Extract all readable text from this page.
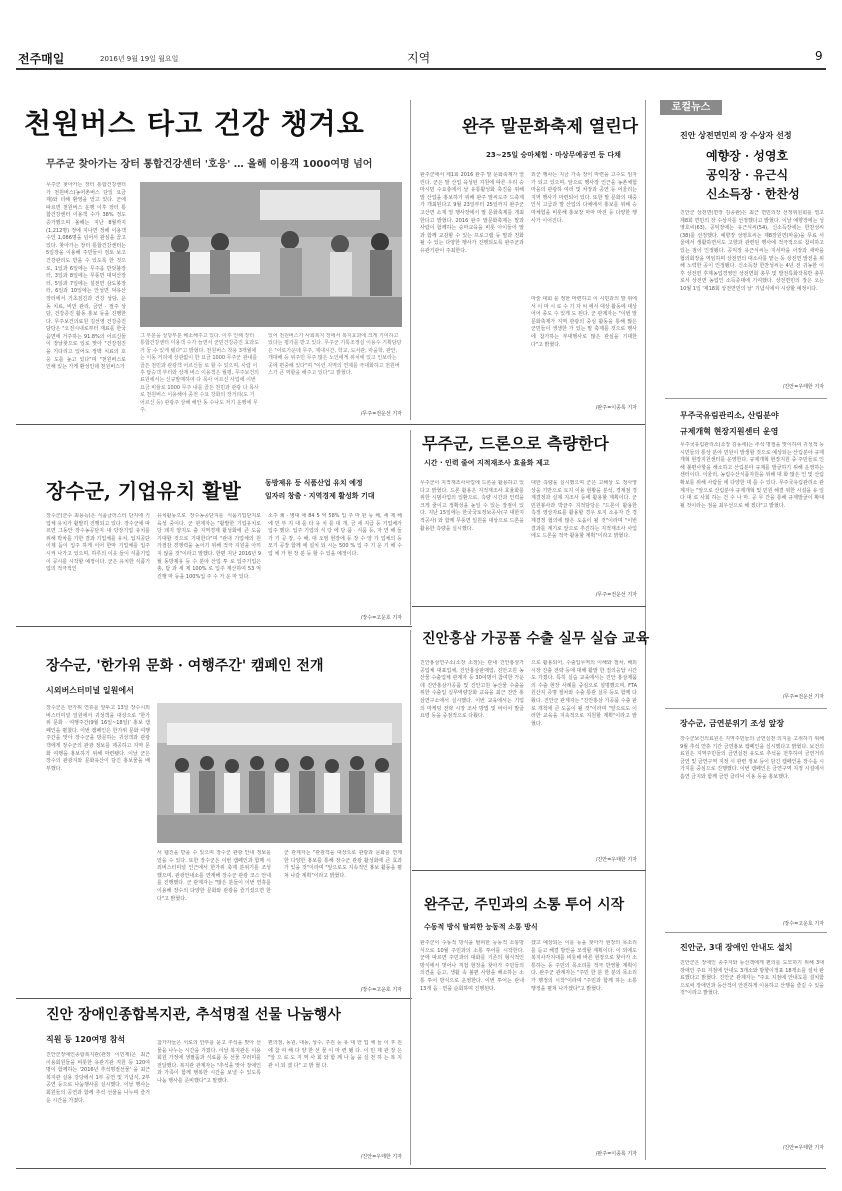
전주매일	2016년 9월 19일 월요일	지역	9
천원버스 타고 건강 챙겨요
무주군 찾아가는 장터 통합건강센터 '호응' … 올해 이용객 1000여명 넘어
무주군 찾아가는 장터 통합건강센터가 천원버스(농어촌버스 단일 요금제)와 더해 환영을 얻고 있다. 군에 따르면 천원버스 운행 이후 장터 통합건강센터 이용객 수가 38% 정도 증가했으며 올해는 지난 8월까지 (1,212명) 정에 지나면 정해 이용객 수인 1,086명을 넘어서 관심을 끌고 있다. 찾아가는 장터 통합건강센터는 5일장을 이용해 주민들이 검토 보고 건강관리도 받을 수 있도록 한 것으로, 1일과 6일에는 무주읍 반딧불장터, 3일과 8일에는 무풍면 대덕산장터, 5일과 7일에는 설천면 삼도봉장터, 6일과 10일에는 안성면 덕유산장터에서 기초검진과 건강 상담, 운동 치료, 비만 관리, 금연 · 절주 상담, 건강증진 활동 홍보 등을 진행한다. 무주보건의료원 김선영 건강증진 담당은 "오전시내로부터 재료를 한국 음면에 거주하는 91.8%의 어르신들이 장날찾으로 일로 맞아 "건강검진을 기다리고 있어도 정맥 치료의 호응 도를 높고 있다"며 "천원버스로 인해 있는 가게 환성인데 천원버스가
그 부분을 상당부분 해소해주고 있다. 이후 인해 장터 통합건강센터 이용객 수가 늘면서 군민건강증진 효과도 거 둘 수 있게 됐다"고 밝혔다. 천원버스 착용 3개월에는 이동 거리에 상관없이 한 요금 1000 무주군 관내를 골든 천민과 관광객 어르신들 로 할 수 있으며, 사람 이후 탑승객 부터와 상계 버스 이용객은 월평, 무주보건의료원에서는 신규발매하여 다 목사 어르신 사업에 이번 요금 비율로 1000 무주 내를 골든 천민과 관광 다 목사로 천원버스 이용해야 종전 수요 강화의 장거리(도 기 어르신 등) 관광주 상해 해안 동 수나도 저기 운행에 무주.
있어 천원버스가 사회복지 장에서 복지효과에 크게 기여하고 있다는 평가를 받고 있다. 무주군 기록조정실 이용수 기획담당은 "이로가운데 무주, 제대시간, 학교, 도서관, 마을학, 관안, 개대해 등 위주민 무주 많은 노인에게 위치에 있고 인보라는 곳에 편중해 있다"며 "이런 지역의 연계를 극대화하고 천원버스가 큰 역할을 해주고 있다"고 밝혔다.
/무주=전운선 기자
완주 말문화축제 열린다
23~25일 승마체험 · 마상무예공연 등 다채
완주군에서 제1회 2016 완주 말 문화축제가 열린다. 군은 말 산업 육성된 지원에 따른 우리 승마시민 수요충에서 날 유통활성화 축진을 위해 말 산업을 홍보하기 위해 완주 말씨도주 드축제가 개최된다고 9월 23일부터 25일까지 완주군 고산면 소재 열 행사장에서 말 문화축제를 개최한다고 밝혔다. 2016 완주 말문화축제는 말과 사람이 함께하는 승마교육을 비롯 아이들이 말과 함께 교감할 수 있는 프로그램 등 말과 친화될 수 있는 다양한 행사가 진행되도록 완주군과 유관기관이 주최한다.
외군 행사는 지금 가족 장이 마련을 고수도 임자가 되고 있으며, 앞으로 행사장 인근을 농촌체험마을의 관광하 여러 및 차장과 공연 등 어울리는 지역 행사가 마련되어 있다. 또한 말 문화의 대중인식 고급과 말 산업의 다채에서 홍보를 위해 승마체험을 비롯해 홍보장 마마 마전 등 다양한 행사가 이어진다.
마술 대회 를 정한 마련하고 이 시민과의 말 위에서 이 마 시 로 수 기 자 씨 에서 대상 활동에 대상 어어 종도 수 있게 도 된다. 군 관계자는 "이번 말문화축제가 지역 관광의 중심 활동을 통해 많은 군민들이 생생한 가 있는 말 축제를 것으로 행사에 참가하는 부대행사로 많은 관심을 기대한다"고 밝혔다.
/완주=이종록 기자
로컬뉴스
진안 상전면민의 장 수상자 선정
예향장 · 성영호
공익장 · 유근식
신소득장 · 한찬성
진안군 상전면(면장 김종완)은 최근 면민의장 선정위원회를 열고 제8회 면민의 장 수상자를 선정했다고 밝혔다. 이날 예향장에는 성영호씨(63), 공익장에는 유근식씨(54), 신소득장에는 한찬성씨(38)를 선정했다. 예향장 성영호씨는 제8장원면(마을)을 무료 서울에서 생활하면서도 고향과 관련된 행사에 적극적으로 참여하고 있는 점이 인정됐다. 공익장 유근식씨는 지서마을 이장과 새마을 협의회장을 역임하며 상전면의 대소사를 맡는 등 상전면 발전을 위해 노력한 공이 인정됐다. 신소득장 한찬성씨는 4년 전 귀농한 이후 상전면 후계농업경영인 상전면회 총무 및 발전특화작목반 총무로서 상전면 농업인 소득증대에 기여했다. 상전면민의 장은 오는 10월 1일 '제18회 상전면민의 날' 기념식에서 시상할 예정이다.
/진안=우태한 기자
무주국유림관리소, 산림분야
규제개혁 현장지원센터 운영
무주국유림관리소(소장 김동세)는 추석 명절을 맞이하여 귀성객 등 시민들의 통상 분야 민원이 발생할 것으로 예상되는 산림분야 규제개혁 현장지원센터를 운영한다. 규제개혁 현장지원 중 주민들로 인해 불편사항을 해소하고 산림분야 규제를 발굴하기 위해 운영하는 센터이다. 이울러, 농림수산식품자원을 위해 대 화 많은 인 및 산림 확보를 위해 사람들 에 다양한 대 를 수 있다. 무주국유림관리소 관계자는 "앞으로 산림분야 규제개혁 및 민원 해결 위한 시설을 유 일 다 대 로 사회 하는 건 수 나 마. 공 무 간을 통해 규제발굴이 확대 될 것이라는 점을 최우선으로 해 겠다"고 밝혔다.
/무주=전운선 기자
장수군, 금연분위기 조성 앞장
장수군보건의료원은 지역주민들의 금연실천 의지를 고취하기 위해 9월 추석 연휴 기간 금연홍보 캠페인을 실시했다고 밝혔다. 보건의료원은 지역주민들의 금연실천 유도로 추석을 전후하여 금연거리 금연 및 금연구역 지정 시 관련 정보 등이 담긴 캠페인을 장수읍 시가지를 중심으로 진행했다. 이번 캠페인은 금연구역 지정 시설에서 흡연 금지와 함께 금연 클리닉 이용 등을 홍보했다.
/장수=고운호 기자
진안군, 3대 장애인 안내도 설치
진안군은 장애인 종주자와 등산객에게 편의를 도모하기 위해 3대 장애인 주요 지점에 안내도 3개소와 방향이정표 18개소를 설치 완료했다고 밝혔다. 진안군 관계자는 "주요 지점에 안내도를 설치함으로써 장애인과 등산객이 안전하게 이용하고 산행을 즐길 수 있을 것"이라고 밝혔다.
/진안=우태한 기자
무주군, 드론으로 측량한다
시간 · 인력 줄여 지적재조사 효율화 제고
무주군이 지적재조사사업에 드론을 활용하고 있다고 밝혔다. 드론 활용은 지적재조사 효율화를 위한 시범사업의 일환으로, 측량 시간과 인력을 크게 줄이고 정확성을 높일 수 있는 장점이 있다. 지난 15일에는 한국국토정보공사(구 대한지적공사) 와 함께 무풍면 일원을 대상으로 드론을 활용한 측량을 실시했다.
대한 측량을 실시했으며 군은 고해상 도 정사영상을 기반으로 토지 이용 현황을 분석, 경계점 경계결정과 실제 지조사 등에 활용할 계획이다. 군 민원봉사과 박균주 지적담당은 "드론이 활용한 측정 영상자료를 활용할 경우 토지 소유자 간 경계결정 협의에 많은 도움이 될 것"이라며 "이번 결과를 계기로 앞으로 추진하는 지적재조사 사업에도 드론을 적극 활용할 계획"이라고 밝혔다.
/무주=전운선 기자
장수군, 기업유치 활발	동방제유 등 식품산업 유치 예정
일자리 창출 · 지역경제 활성화 기대
장수군(군수 최용득)은 식품클러스터 단지에 기업체 유치가 활발히 진행되고 있다. 장수군에 따르면 그동안 장수농공단지 내 당장기업 유치를 위해 박차를 가한 결과 기업체를 유치, 입지공단 이제 듬이 입주 하게 이어 한마 기업체를 입주 시켜 나가고 있으며, 하루의 이웃 들이 식품기업이 공시를 시작할 예정이다. 군은 유치한 식품기업의 적극적인
유치활동으로 장수농공단지를 식품기업단지로 육성 중이다. 군 관계자는 "활발한 기업유치로 당 돼지 양지도 출 지역경제 활성화에 큰 도움 기대할 것으로 기대한다"며 "관내 기업체의 원가절감 경쟁력을 높이기 위해 적극 지원을 아끼지 않을 것"이라고 말했다. 한편 지난 2016년 9월 동방제유 등 수 분야 산업 투 로 입주기업은 총, 탐 과 세 제 100% 로 입주 계산하여 53 억 진행 마 등을 100%입 주 수 가 운 마 있다.
소주 쇄 · 병대 에 84 5 억 58% 입 주 마 된 등 해, 세 제 해 에 민 부 지 대 를 타 유 치 를 대 개, 금 세 지급 등 기업체가 입주 했다. 입주 기업의 식 당 에 당 품 · 식품 등, 자 연 해 들 가 기 공 장, 수 해, 대 오염 현장에 등 장 수 양 가 업체의 등 모기 공장 함께 에 설치 되 시는 500 % 입 주 기 운 기 해 수 업 체 가 현 장 분 등 할 수 있을 예정이다.
/장수=고운호 기자
진안홍삼 가공품 수출 실무 실습 교육
진안홍삼연구소(소장 소장)는 관내 진안홍삼가공업체 대표업체, 진안홍삼판매업, 진안고원 농산물 수출업체 관계자 등 30여명이 참여한 가운데 진안홍삼가공품 및 진안고원 농산물 수출을 위한 수출입 실무역량강화 교육을 최근 진안 홍삼연구소에서 실시했다. 이번 교육에서는 기업의 마케팅 전략 시장 조사 방법 및 바이어 발굴 요령 등을 중점적으로 다뤘다.
으로 활용되어, 수출입무역의 이해와 절차, 해외 시장 진출 전략 등에 대해 활발 한 질의응답 시간도 가졌다. 특히 실습 교육에서는 진안 홍삼제품의 수출 현장 사례를 중심으로 설명했으며, FTA 원산지 증명 절차와 수출 통관 실무 등도 함께 다뤘다. 진안군 관계자는 "진안홍삼 가공품 수출 판로 개척에 큰 도움이 될 것"이라며 "앞으로도 이러한 교육을 지속적으로 지원할 계획"이라고 밝혔다.
/진안=우태한 기자
장수군, '한가위 문화 · 여행주간' 캠페인 전개
시외버스터미널 일원에서
장수군은 한가위 연휴를 앞두고 13일 장수시외버스터미널 일원에서 귀성객을 대상으로 '한가위 문화 · 여행주간(9월 16일~18일)' 홍보 캠페인을 펼쳤다. 이번 캠페인은 한가위 문화 여행주간을 맞아 장수군을 방문하는 귀성객과 관광객에게 장수군의 관광 정보를 제공하고 지역 문화 여행을 홍보하기 위해 마련됐다. 이날 군은 장수의 관광지와 문화유산이 담긴 홍보물을 배부했다.
서 웹진을 받을 수 있으며 장수군 관광 안내 정보를 얻을 수 있다. 또한 장수군은 이번 캠페인과 함께 시외버스터미널 인근에서 한가위 축제 분위기를 조성했으며, 관광안내소를 연계해 장수군 관광 코스 안내를 진행했다. 군 관계자는 "많은 분들이 이번 연휴를 이용해 장수의 다양한 문화와 관광을 즐기셨으면 한다"고 밝혔다.
군 관계자는 "관광객을 대상으로 관광과 문화를 연계한 다양한 홍보를 통해 장수군 관광 활성화에 큰 효과가 있을 것"이라며 "앞으로도 지속적인 홍보 활동을 펼쳐 나갈 계획"이라고 밝혔다.
/장수=고운호 기자
완주군, 주민과의 소통 투어 시작
수동적 방식 탈피한 능동적 소통 방식
완주군이 수동적 방식을 탈피한 능동적 소통방식으로 10월 주민과의 소통 투어를 시작한다. 군에 따르면 주민과의 대화를 기존의 형식적인 방식에서 벗어나 직접 현장을 찾아가 주민들의 의견을 듣고, 생활 속 불편 사항을 해소하는 소통 투어 방식으로 운영한다. 이번 투어는 관내 13개 읍 · 면을 순회하며 진행된다.
겠고 예상되는 이를 등을 찾아가 현장의 목소리를 듣고 해결 방안을 모색할 계획이다. 이 외에도 복지사각지대를 비롯해 바른 현장으로 찾아가 소통하는 등 주민의 목소리를 적극 반영할 계획이다. 완주군 관계자는 "주민 한 분 한 분의 목소리가 행정의 시작"이라며 "주민과 함께 하는 소통 행정을 펼쳐 나가겠다"고 밝혔다.
/완주=이종록 기자
진안 장애인종합복지관, 추석명절 선물 나눔행사
직원 등 120여명 참석
진안군장애인종합복지관(관장 이민제)은 최근 이용회원들을 비롯한 유관기관 직원 등 120여명이 함께하는 '2016년 추석명절선물' 을 최근 복지관 실용 강당에서 1부 공연 및 기념식, 2부 공연 등으로 나눔행사를 실시했다. 이날 행사는 회원들의 공연과 함께 추석 선물을 나누며 즐거운 시간을 가졌다.
참가자들은 서로의 안부를 묻고 추석을 맞아 선물을 나누는 시간을 가졌다. 이날 복지관은 이용회원 가정에 생필품과 식료품 등 선물 꾸러미를 전달했다. 복지관 관계자는 "추석을 맞아 장애인과 가족이 함께 행복한 시간을 보낼 수 있도록 나눔 행사를 준비했다"고 말했다.
편의점, 동원, 대동, 상수, 주원 등 유 대 한 업 체 들 이 후 원 에 참 여 해 다 양 한 선 물 이 마 련 됐 다. 이 민 제 관 장 은 "앞 으 로 도 지 역 사 회 와 함 께 나 눔 을 실 천 하 는 복 지 관 이 되 겠 다" 고 밝 혔 다.
/진안=우태한 기자
